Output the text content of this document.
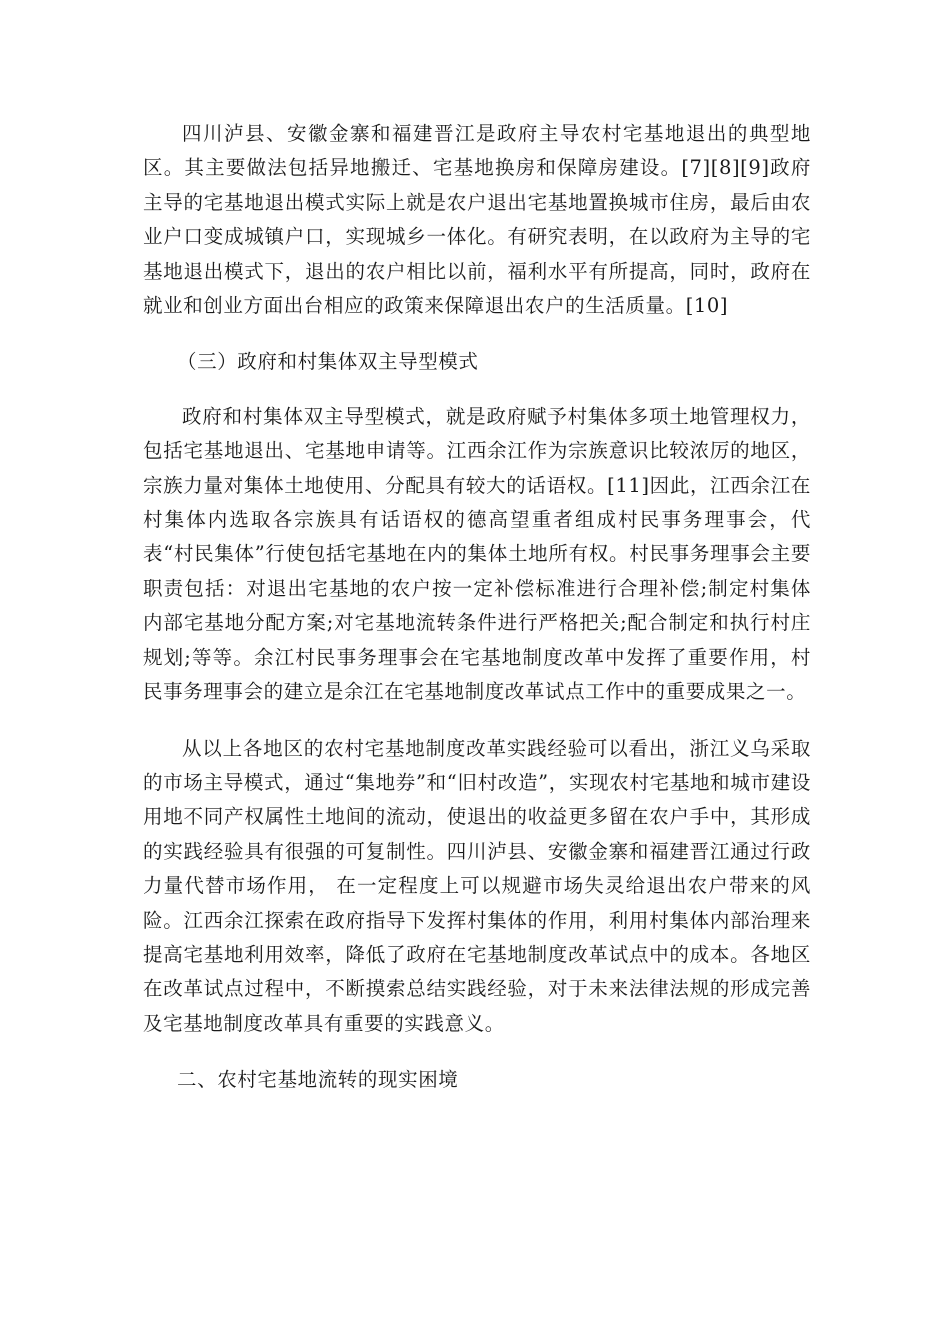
四川泸县、安徽金寨和福建晋江是政府主导农村宅基地退出的典型地区。其主要做法包括异地搬迁、宅基地换房和保障房建设。[7][8][9]政府主导的宅基地退出模式实际上就是农户退出宅基地置换城市住房，最后由农业户口变成城镇户口，实现城乡一体化。有研究表明，在以政府为主导的宅基地退出模式下，退出的农户相比以前，福利水平有所提高，同时，政府在就业和创业方面出台相应的政策来保障退出农户的生活质量。[10]

（三）政府和村集体双主导型模式

政府和村集体双主导型模式，就是政府赋予村集体多项土地管理权力，包括宅基地退出、宅基地申请等。江西余江作为宗族意识比较浓厉的地区，宗族力量对集体土地使用、分配具有较大的话语权。[11]因此，江西余江在村集体内选取各宗族具有话语权的德高望重者组成村民事务理事会，代表“村民集体”行使包括宅基地在内的集体土地所有权。村民事务理事会主要职责包括：对退出宅基地的农户按一定补偿标准进行合理补偿;制定村集体内部宅基地分配方案;对宅基地流转条件进行严格把关;配合制定和执行村庄规划;等等。余江村民事务理事会在宅基地制度改革中发挥了重要作用，村民事务理事会的建立是余江在宅基地制度改革试点工作中的重要成果之一。

从以上各地区的农村宅基地制度改革实践经验可以看出，浙江义乌采取的市场主导模式，通过“集地券”和“旧村改造”，实现农村宅基地和城市建设用地不同产权属性土地间的流动，使退出的收益更多留在农户手中，其形成的实践经验具有很强的可复制性。四川泸县、安徽金寨和福建晋江通过行政力量代替市场作用， 在一定程度上可以规避市场失灵给退出农户带来的风险。江西余江探索在政府指导下发挥村集体的作用，利用村集体内部治理来提高宅基地利用效率，降低了政府在宅基地制度改革试点中的成本。各地区在改革试点过程中，不断摸索总结实践经验，对于未来法律法规的形成完善及宅基地制度改革具有重要的实践意义。

二、农村宅基地流转的现实困境
